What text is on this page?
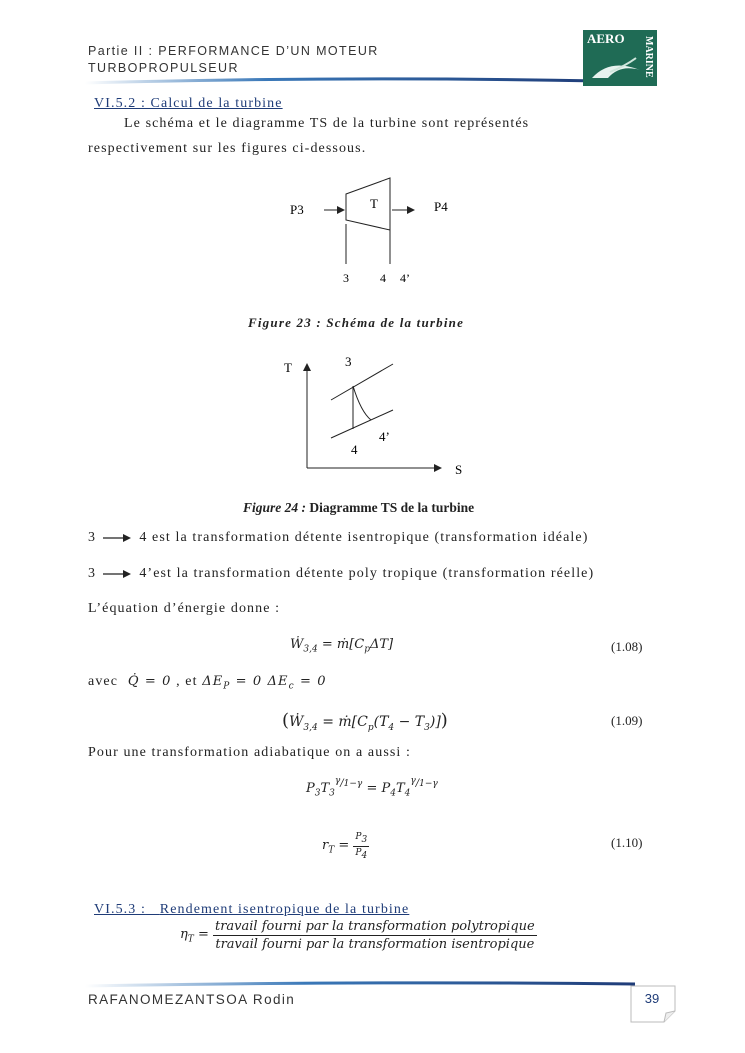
Partie II : PERFORMANCE D’UN MOTEUR
TURBOPROPULSEUR
AERO MARINE
VI.5.2 : Calcul de la turbine
Le schéma et le diagramme TS de la turbine sont représentés
respectivement sur les figures ci-dessous.
P3	T	P4
3	4 4’
Figure 23 : Schéma de la turbine
T
S
3
4
4’
Figure 24 : Diagramme TS de la turbine
3	4 est la transformation détente isentropique (transformation idéale)
3	4’est la transformation détente poly tropique (transformation réelle)
L’équation d’énergie donne :
Ẇ$_{3,4}$ = $ṁ[C_p\Delta T]$	(1.08)
avec  Q̇ = 0 , et $\Delta E_P = 0$ $\Delta E_c = 0$
(Ẇ$_{3,4}$ = $ṁ[C_p(T_4 - T_3)]$)	(1.09)
Pour une transformation adiabatique on a aussi :
$P_3T_3^{\gamma/1-\gamma} = P_4T_4^{\gamma/1-\gamma}$
$r_T = \frac{P_3}{P_4}$	(1.10)
VI.5.3 : Rendement isentropique de la turbine
$\eta_T = \frac{\text{travail fourni par la transformation polytropique}}{\text{travail fourni par la transformation isentropique}}$
RAFANOMEZANTSOA Rodin	39
